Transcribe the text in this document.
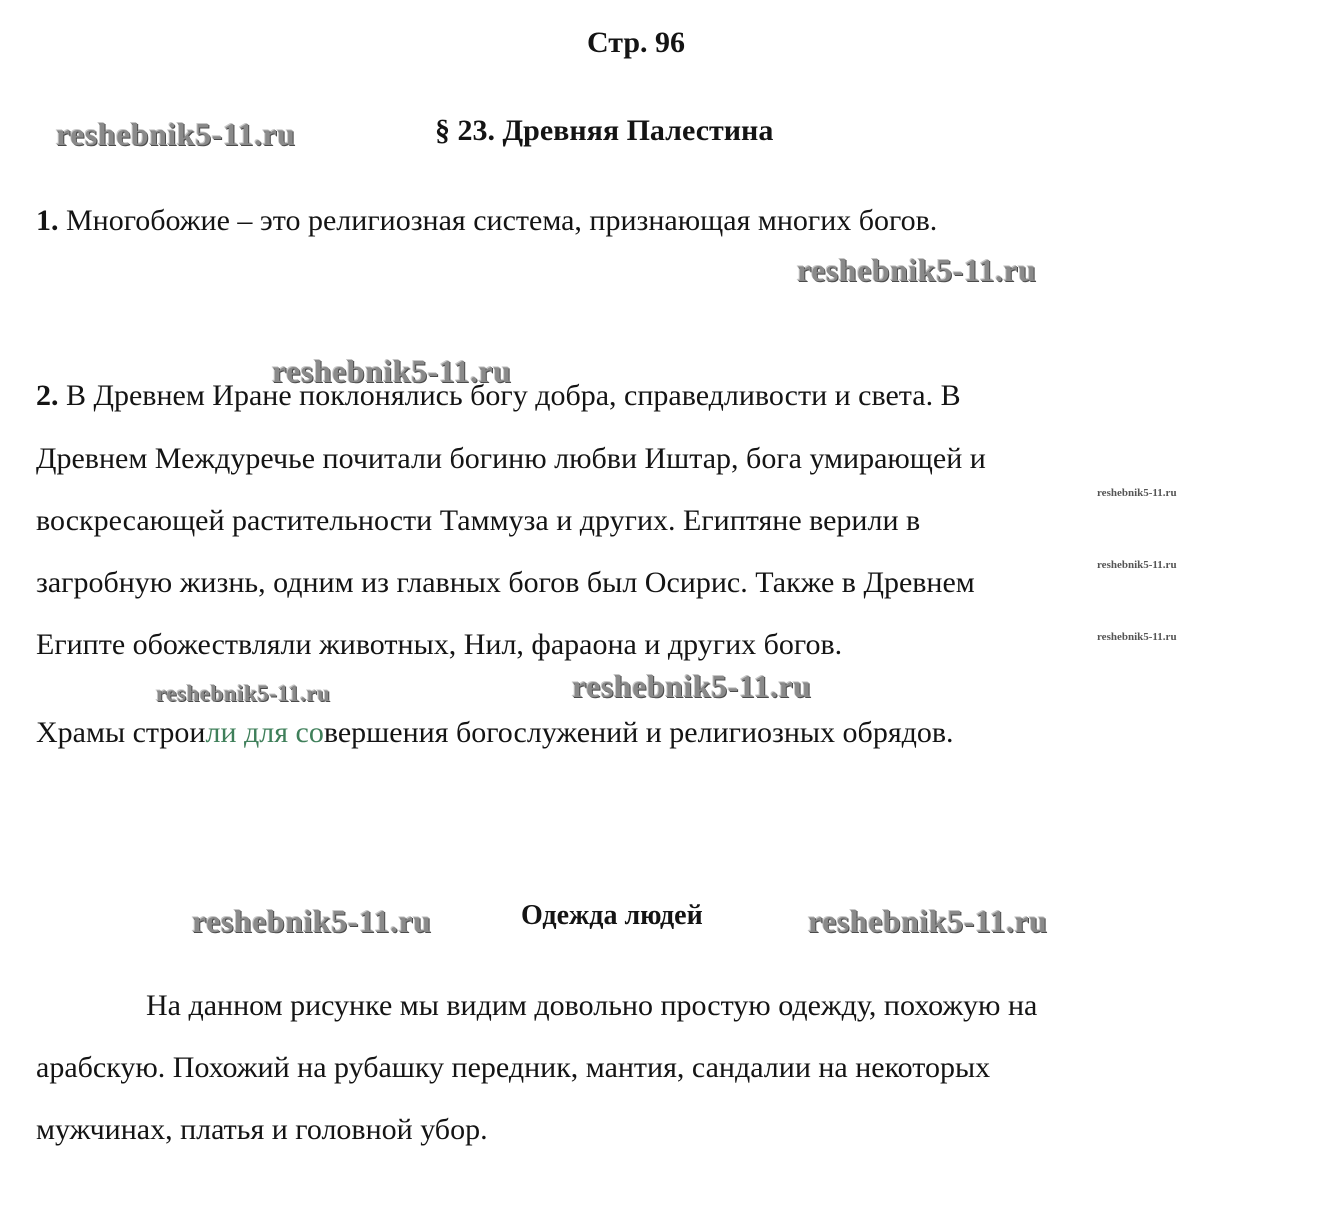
Стр. 96
reshebnik5-11.ru	§ 23. Древняя Палестина
1. Многобожие – это религиозная система, признающая многих богов.
reshebnik5-11.ru
reshebnik5-11.ru
2. В Древнем Иране поклонялись богу добра, справедливости и света. В
Древнем Междуречье почитали богиню любви Иштар, бога умирающей и
reshebnik5-11.ru
воскресающей растительности Таммуза и других. Египтяне верили в
reshebnik5-11.ru
загробную жизнь, одним из главных богов был Осирис. Также в Древнем
Египте обожествляли животных, Нил, фараона и других богов.	reshebnik5-11.ru
reshebnik5-11.ru	reshebnik5-11.ru
Храмы строили для совершения богослужений и религиозных обрядов.
reshebnik5-11.ru	Одежда людей	reshebnik5-11.ru
На данном рисунке мы видим довольно простую одежду, похожую на
арабскую. Похожий на рубашку передник, мантия, сандалии на некоторых
мужчинах, платья и головной убор.
